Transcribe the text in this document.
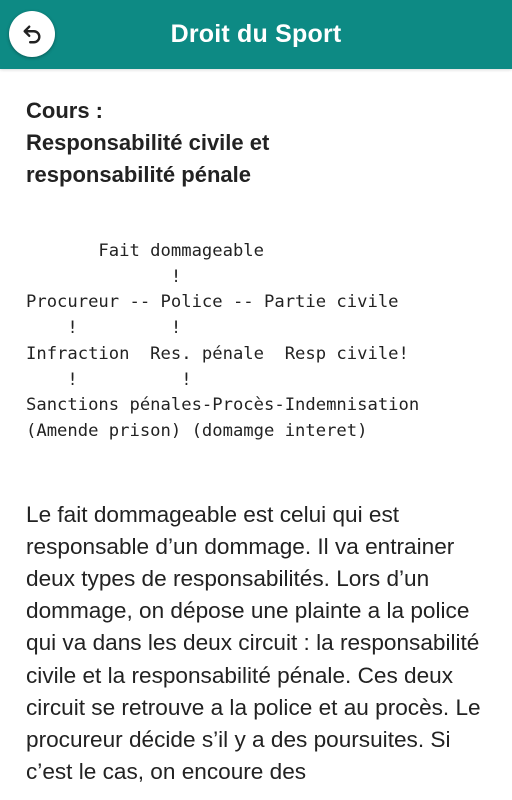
Droit du Sport
Cours :
Responsabilité civile et
responsabilité pénale
Fait dommageable
!
Procureur -- Police -- Partie civile
!         !
Infraction  Res. pénale  Resp civile!
!          !
Sanctions pénales-Procès-Indemnisation
(Amende prison) (domamge interet)

Le fait dommageable est celui qui est responsable d’un dommage. Il va entrainer deux types de responsabilités. Lors d’un dommage, on dépose une plainte a la police qui va dans les deux circuit : la responsabilité civile et la responsabilité pénale. Ces deux circuit se retrouve a la police et au procès. Le procureur décide s’il y a des poursuites. Si c’est le cas, on encoure des
